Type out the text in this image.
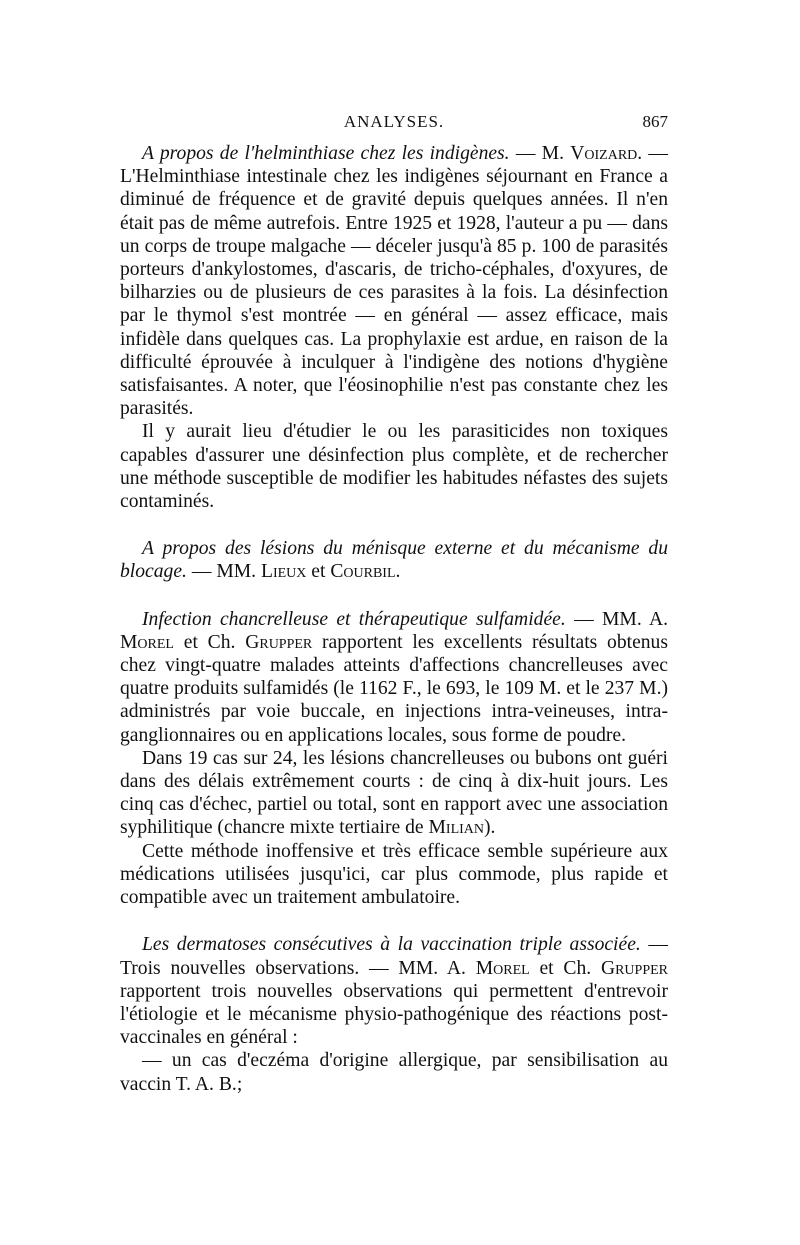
ANALYSES.	867

A propos de l'helminthiase chez les indigènes. — M. Voizard. — L'Helminthiase intestinale chez les indigènes séjournant en France a diminué de fréquence et de gravité depuis quelques années. Il n'en était pas de même autrefois. Entre 1925 et 1928, l'auteur a pu — dans un corps de troupe malgache — déceler jusqu'à 85 p. 100 de parasités porteurs d'ankylostomes, d'ascaris, de tricho-céphales, d'oxyures, de bilharzies ou de plusieurs de ces parasites à la fois. La désinfection par le thymol s'est montrée — en général — assez efficace, mais infidèle dans quelques cas. La prophylaxie est ardue, en raison de la difficulté éprouvée à inculquer à l'indigène des notions d'hygiène satisfaisantes. A noter, que l'éosinophilie n'est pas constante chez les parasités.

Il y aurait lieu d'étudier le ou les parasiticides non toxiques capables d'assurer une désinfection plus complète, et de rechercher une méthode susceptible de modifier les habitudes néfastes des sujets contaminés.

A propos des lésions du ménisque externe et du mécanisme du blocage. — MM. Lieux et Courbil.

Infection chancrelleuse et thérapeutique sulfamidée. — MM. A. Morel et Ch. Grupper rapportent les excellents résultats obtenus chez vingt-quatre malades atteints d'affections chancrelleuses avec quatre produits sulfamidés (le 1162 F., le 693, le 109 M. et le 237 M.) administrés par voie buccale, en injections intra-veineuses, intra-ganglionnaires ou en applications locales, sous forme de poudre.

Dans 19 cas sur 24, les lésions chancrelleuses ou bubons ont guéri dans des délais extrêmement courts : de cinq à dix-huit jours. Les cinq cas d'échec, partiel ou total, sont en rapport avec une association syphilitique (chancre mixte tertiaire de Milian).

Cette méthode inoffensive et très efficace semble supérieure aux médications utilisées jusqu'ici, car plus commode, plus rapide et compatible avec un traitement ambulatoire.

Les dermatoses consécutives à la vaccination triple associée. — Trois nouvelles observations. — MM. A. Morel et Ch. Grupper rapportent trois nouvelles observations qui permettent d'entrevoir l'étiologie et le mécanisme physio-pathogénique des réactions post-vaccinales en général :

— un cas d'eczéma d'origine allergique, par sensibilisation au vaccin T. A. B.;
